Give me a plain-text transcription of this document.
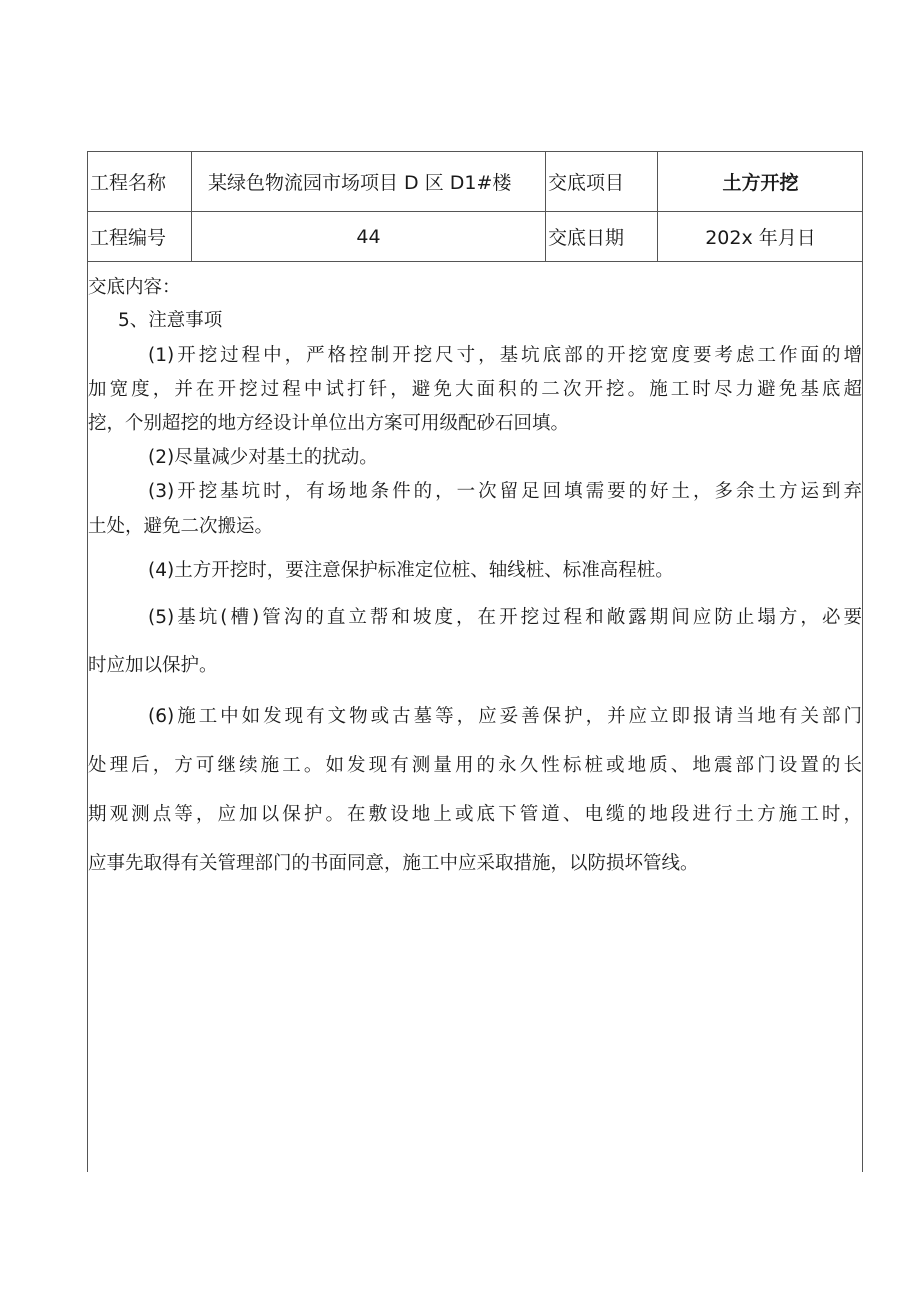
工程名称	某绿色物流园市场项目 D 区 D1#楼	交底项目	土方开挖
工程编号	44	交底日期	202x 年月日
交底内容：
5、注意事项
(1)开挖过程中，严格控制开挖尺寸，基坑底部的开挖宽度要考虑工作面的增
加宽度，并在开挖过程中试打钎，避免大面积的二次开挖。施工时尽力避免基底超
挖，个别超挖的地方经设计单位出方案可用级配砂石回填。
(2)尽量减少对基土的扰动。
(3)开挖基坑时，有场地条件的，一次留足回填需要的好土，多余土方运到弃
土处，避免二次搬运。
(4)土方开挖时，要注意保护标准定位桩、轴线桩、标准高程桩。
(5)基坑(槽)管沟的直立帮和坡度，在开挖过程和敞露期间应防止塌方，必要
时应加以保护。
(6)施工中如发现有文物或古墓等，应妥善保护，并应立即报请当地有关部门
处理后，方可继续施工。如发现有测量用的永久性标桩或地质、地震部门设置的长
期观测点等，应加以保护。在敷设地上或底下管道、电缆的地段进行土方施工时，
应事先取得有关管理部门的书面同意，施工中应采取措施，以防损坏管线。
